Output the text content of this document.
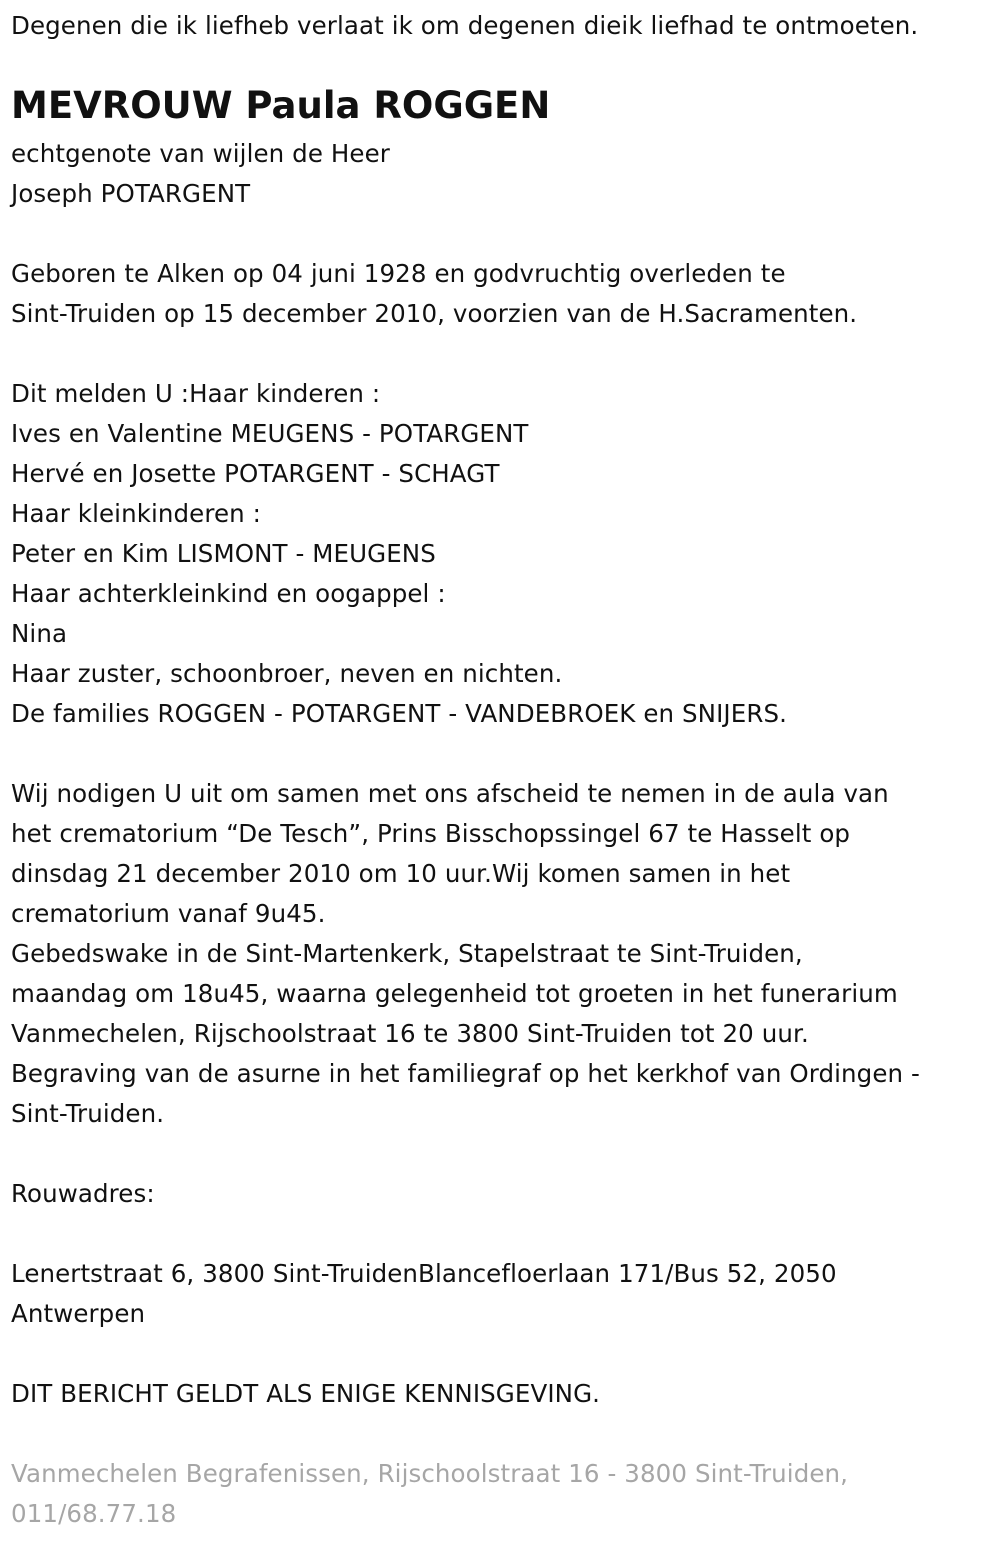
Degenen die ik liefheb verlaat ik om degenen dieik liefhad te ontmoeten.
MEVROUW Paula ROGGEN
echtgenote van wijlen de Heer
Joseph POTARGENT
Geboren te Alken op 04 juni 1928 en godvruchtig overleden te
Sint-Truiden op 15 december 2010, voorzien van de H.Sacramenten.
Dit melden U :Haar kinderen :
Ives en Valentine MEUGENS - POTARGENT
Hervé en Josette POTARGENT - SCHAGT
Haar kleinkinderen :
Peter en Kim LISMONT - MEUGENS
Haar achterkleinkind en oogappel :
Nina
Haar zuster, schoonbroer, neven en nichten.
De families ROGGEN - POTARGENT - VANDEBROEK en SNIJERS.
Wij nodigen U uit om samen met ons afscheid te nemen in de aula van
het crematorium “De Tesch”, Prins Bisschopssingel 67 te Hasselt op
dinsdag 21 december 2010 om 10 uur.Wij komen samen in het
crematorium vanaf 9u45.
Gebedswake in de Sint-Martenkerk, Stapelstraat te Sint-Truiden,
maandag om 18u45, waarna gelegenheid tot groeten in het funerarium
Vanmechelen, Rijschoolstraat 16 te 3800 Sint-Truiden tot 20 uur.
Begraving van de asurne in het familiegraf op het kerkhof van Ordingen -
Sint-Truiden.
Rouwadres:
Lenertstraat 6, 3800 Sint-TruidenBlancefloerlaan 171/Bus 52, 2050
Antwerpen
DIT BERICHT GELDT ALS ENIGE KENNISGEVING.
Vanmechelen Begrafenissen, Rijschoolstraat 16 - 3800 Sint-Truiden,
011/68.77.18
